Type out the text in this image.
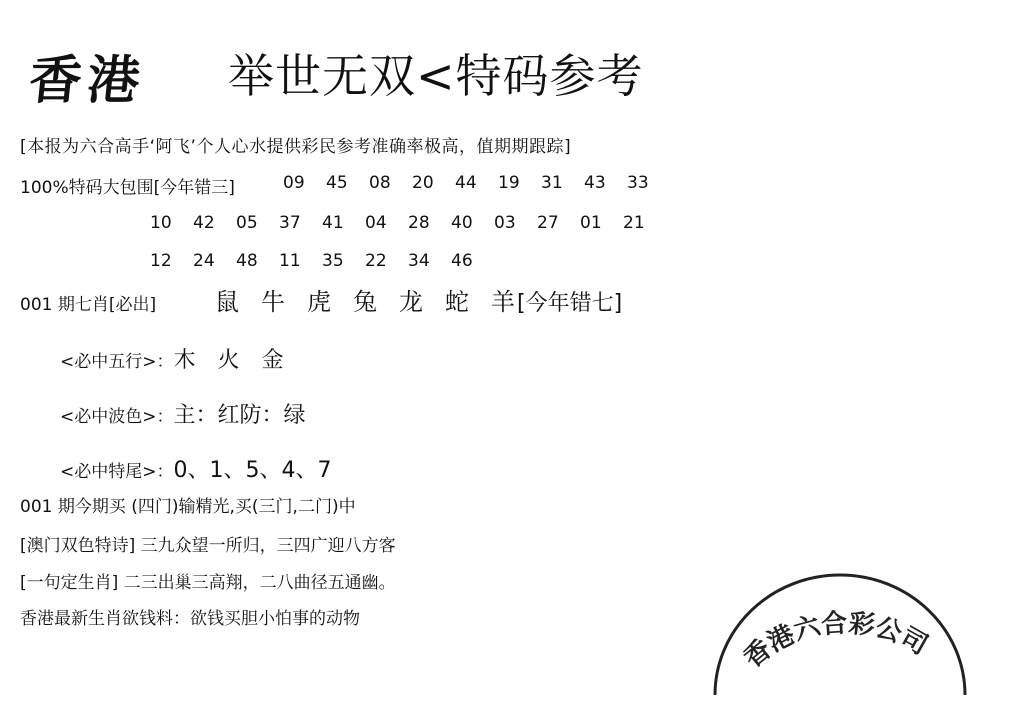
香港 举世无双<特码参考
[本报为六合高手‘阿飞’个人心水提供彩民参考准确率极高，值期期跟踪]
100%特码大包围[今年错三]	09 45 08 20 44 19 31 43 33
10 42 05 37 41 04 28 40 03 27 01 21
12 24 48 11 35 22 34 46
001 期七肖[必出] 鼠 牛 虎 兔 龙 蛇 羊[今年错七]
<必中五行>：木　火　金
<必中波色>：主：红防：绿
<必中特尾>：0、1、5、4、7
001 期今期买 (四门)输精光,买(三门,二门)中
[澳门双色特诗] 三九众望一所归，三四广迎八方客
[一句定生肖] 二三出巢三高翔，二八曲径五通幽。
香港最新生肖欲钱料：欲钱买胆小怕事的动物
香港六合彩公司
